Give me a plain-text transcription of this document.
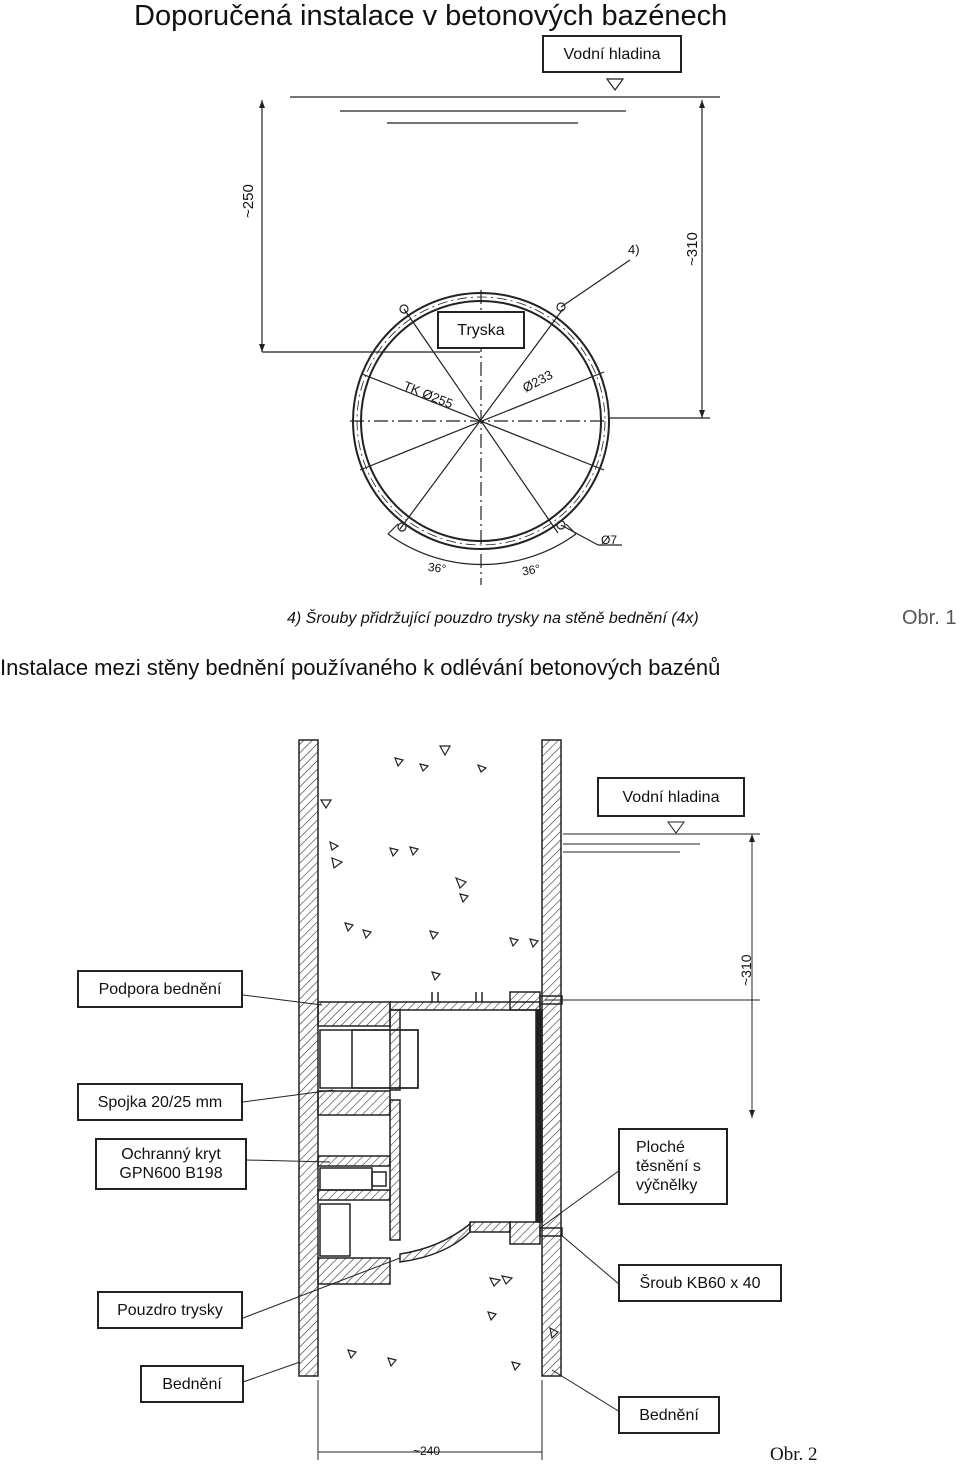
Doporučená instalace v betonových bazénech
Vodní hladina
~250
~310
4)
Tryska
TK Ø255	Ø233
Ø7
36°	36°
4) Šrouby přidržující pouzdro trysky na stěně bednění (4x)	Obr. 1
Instalace mezi stěny bednění používaného k odlévání betonových bazénů
Vodní hladina
~310
Podpora bednění
Spojka 20/25 mm
Ochranný kryt
GPN600 B198
Ploché
těsnění s
výčnělky
Šroub KB60 x 40
Pouzdro trysky
Bednění
Bednění
~240	Obr. 2
